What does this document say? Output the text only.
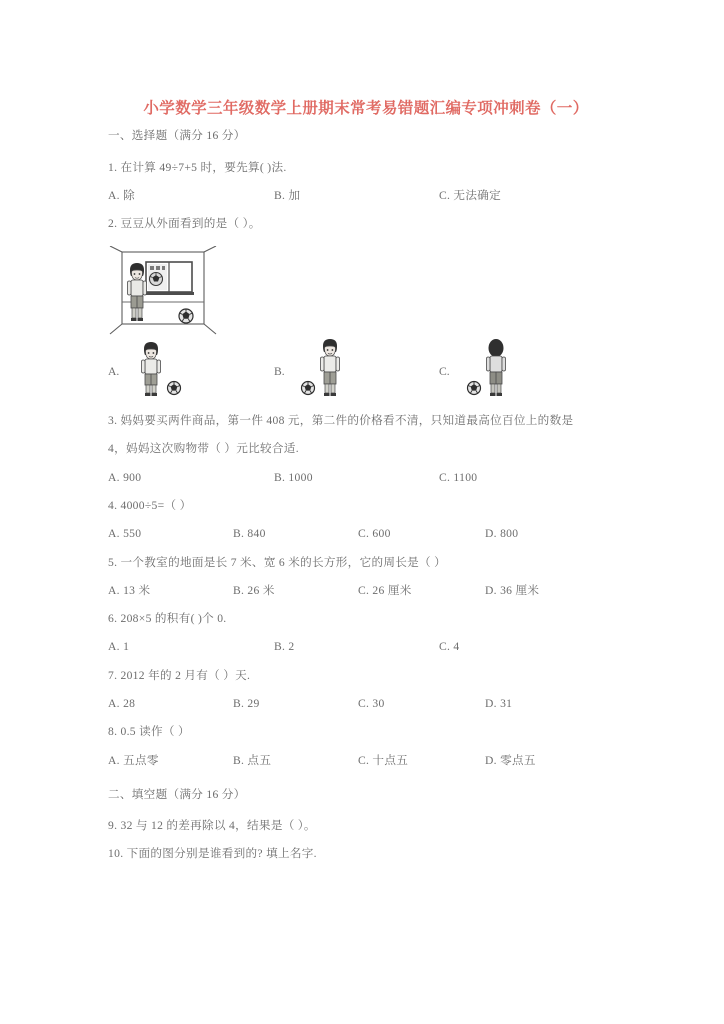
小学数学三年级数学上册期末常考易错题汇编专项冲刺卷（一）
一、选择题（满分 16 分）
1. 在计算 49÷7+5 时，要先算( )法.
A. 除	B. 加	C. 无法确定
2. 豆豆从外面看到的是（ ）。
A.	B.	C.
3. 妈妈要买两件商品，第一件 408 元，第二件的价格看不清，只知道最高位百位上的数是
4，妈妈这次购物带（ ）元比较合适.
A. 900	B. 1000	C. 1100
4. 4000÷5=（ ）
A. 550	B. 840	C. 600	D. 800
5. 一个教室的地面是长 7 米、宽 6 米的长方形，它的周长是（ ）
A. 13 米	B. 26 米	C. 26 厘米	D. 36 厘米
6. 208×5 的积有( )个 0.
A. 1	B. 2	C. 4
7. 2012 年的 2 月有（ ）天.
A. 28	B. 29	C. 30	D. 31
8. 0.5 读作（ ）
A. 五点零	B. 点五	C. 十点五	D. 零点五
二、填空题（满分 16 分）
9. 32 与 12 的差再除以 4，结果是（ ）。
10. 下面的图分别是谁看到的? 填上名字.
